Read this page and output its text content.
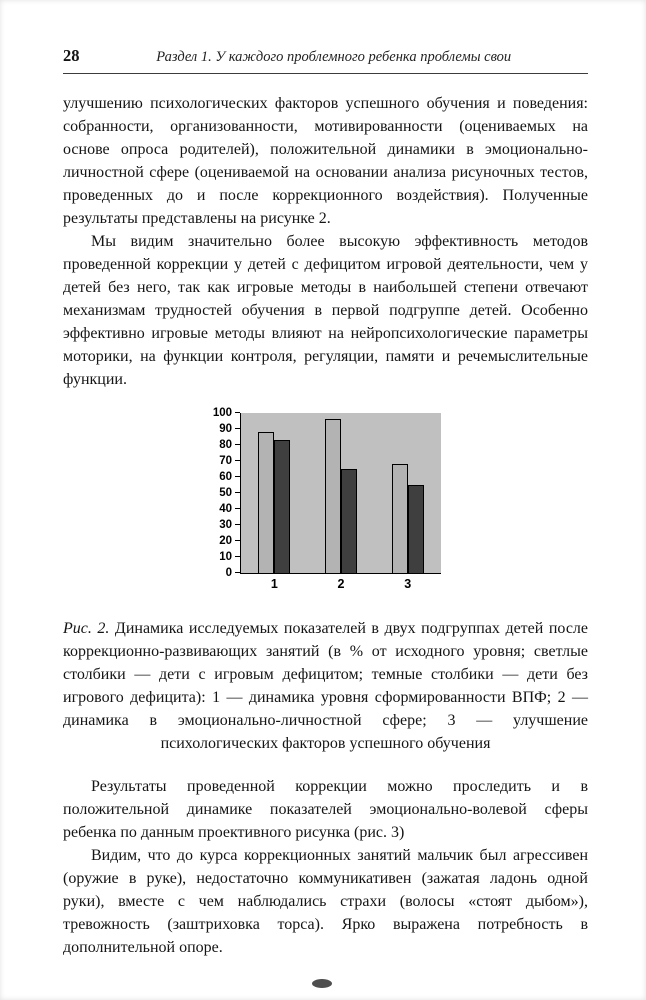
28	Раздел 1. У каждого проблемного ребенка проблемы свои

улучшению психологических факторов успешного обучения и поведения: собранности, организованности, мотивированности (оцениваемых на основе опроса родителей), положительной динамики в эмоционально-личностной сфере (оцениваемой на основании анализа рисуночных тестов, проведенных до и после коррекционного воздействия). Полученные результаты представлены на рисунке 2.

Мы видим значительно более высокую эффективность методов проведенной коррекции у детей с дефицитом игровой деятельности, чем у детей без него, так как игровые методы в наибольшей степени отвечают механизмам трудностей обучения в первой подгруппе детей. Особенно эффективно игровые методы влияют на нейропсихологические параметры моторики, на функции контроля, регуляции, памяти и речемыслительные функции.

0
10
20
30
40
50
60
70
80
90
100
1	2	3

Рис. 2. Динамика исследуемых показателей в двух подгруппах детей после коррекционно-развивающих занятий (в % от исходного уровня; светлые столбики — дети с игровым дефицитом; темные столбики — дети без игрового дефицита): 1 — динамика уровня сформированности ВПФ; 2 — динамика в эмоционально-личностной сфере; 3 — улучшение психологических факторов успешного обучения

Результаты проведенной коррекции можно проследить и в положительной динамике показателей эмоционально-волевой сферы ребенка по данным проективного рисунка (рис. 3)

Видим, что до курса коррекционных занятий мальчик был агрессивен (оружие в руке), недостаточно коммуникативен (зажатая ладонь одной руки), вместе с чем наблюдались страхи (волосы «стоят дыбом»), тревожность (заштриховка торса). Ярко выражена потребность в дополнительной опоре.
